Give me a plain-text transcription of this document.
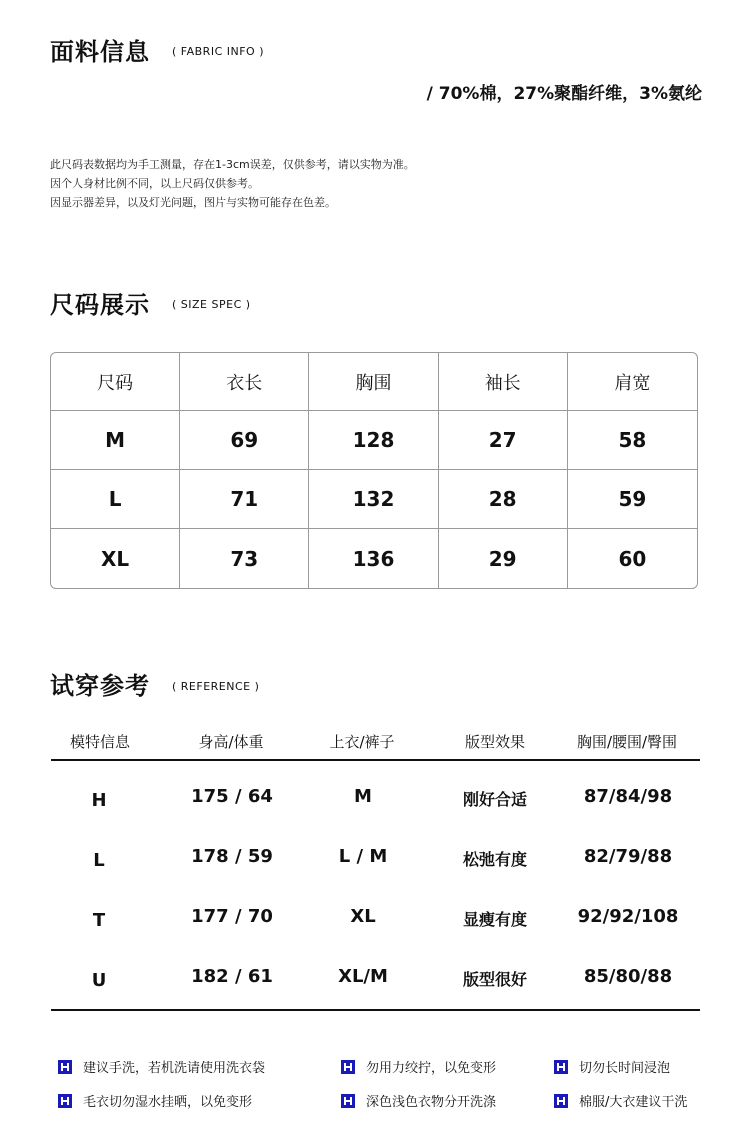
面料信息 ( FABRIC INFO )
/ 70%棉，27%聚酯纤维，3%氨纶
此尺码表数据均为手工测量，存在1-3cm误差，仅供参考，请以实物为准。
因个人身材比例不同，以上尺码仅供参考。
因显示器差异，以及灯光问题，图片与实物可能存在色差。
尺码展示 ( SIZE SPEC )
尺码	衣长	胸围	袖长	肩宽
M	69	128	27	58
L	71	132	28	59
XL	73	136	29	60
试穿参考 ( REFERENCE )
模特信息	身高/体重	上衣/裤子	版型效果	胸围/腰围/臀围
H	175 / 64	M	刚好合适	87/84/98
L	178 / 59	L / M	松弛有度	82/79/88
T	177 / 70	XL	显瘦有度	92/92/108
U	182 / 61	XL/M	版型很好	85/80/88
建议手洗，若机洗请使用洗衣袋	勿用力绞拧，以免变形	切勿长时间浸泡
毛衣切勿湿水挂晒，以免变形	深色浅色衣物分开洗涤	棉服/大衣建议干洗
